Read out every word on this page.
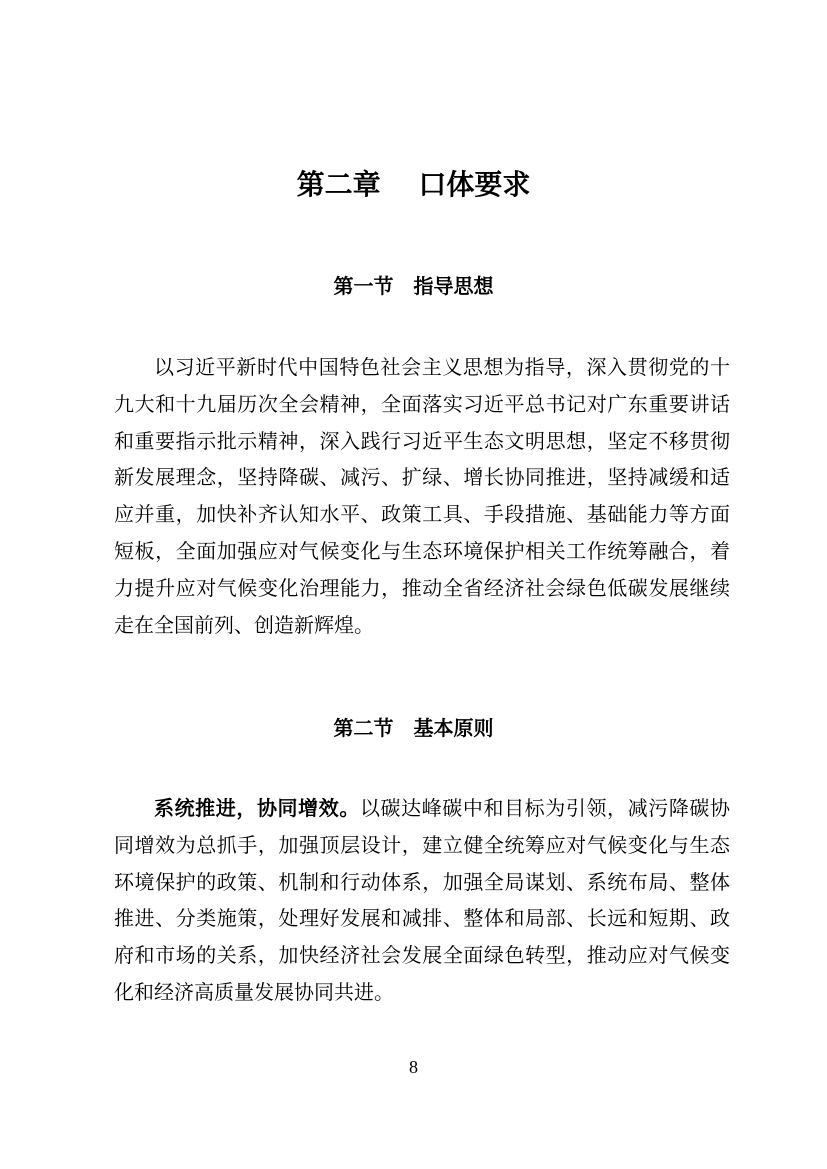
第二章　 口体要求
第一节　指导思想

以习近平新时代中国特色社会主义思想为指导，深入贯彻党的十九大和十九届历次全会精神，全面落实习近平总书记对广东重要讲话和重要指示批示精神，深入践行习近平生态文明思想，坚定不移贯彻新发展理念，坚持降碳、减污、扩绿、增长协同推进，坚持减缓和适应并重，加快补齐认知水平、政策工具、手段措施、基础能力等方面短板，全面加强应对气候变化与生态环境保护相关工作统筹融合，着力提升应对气候变化治理能力，推动全省经济社会绿色低碳发展继续走在全国前列、创造新辉煌。

第二节　基本原则

系统推进，协同增效。以碳达峰碳中和目标为引领，减污降碳协同增效为总抓手，加强顶层设计，建立健全统筹应对气候变化与生态环境保护的政策、机制和行动体系，加强全局谋划、系统布局、整体推进、分类施策，处理好发展和减排、整体和局部、长远和短期、政府和市场的关系，加快经济社会发展全面绿色转型，推动应对气候变化和经济高质量发展协同共进。

8
